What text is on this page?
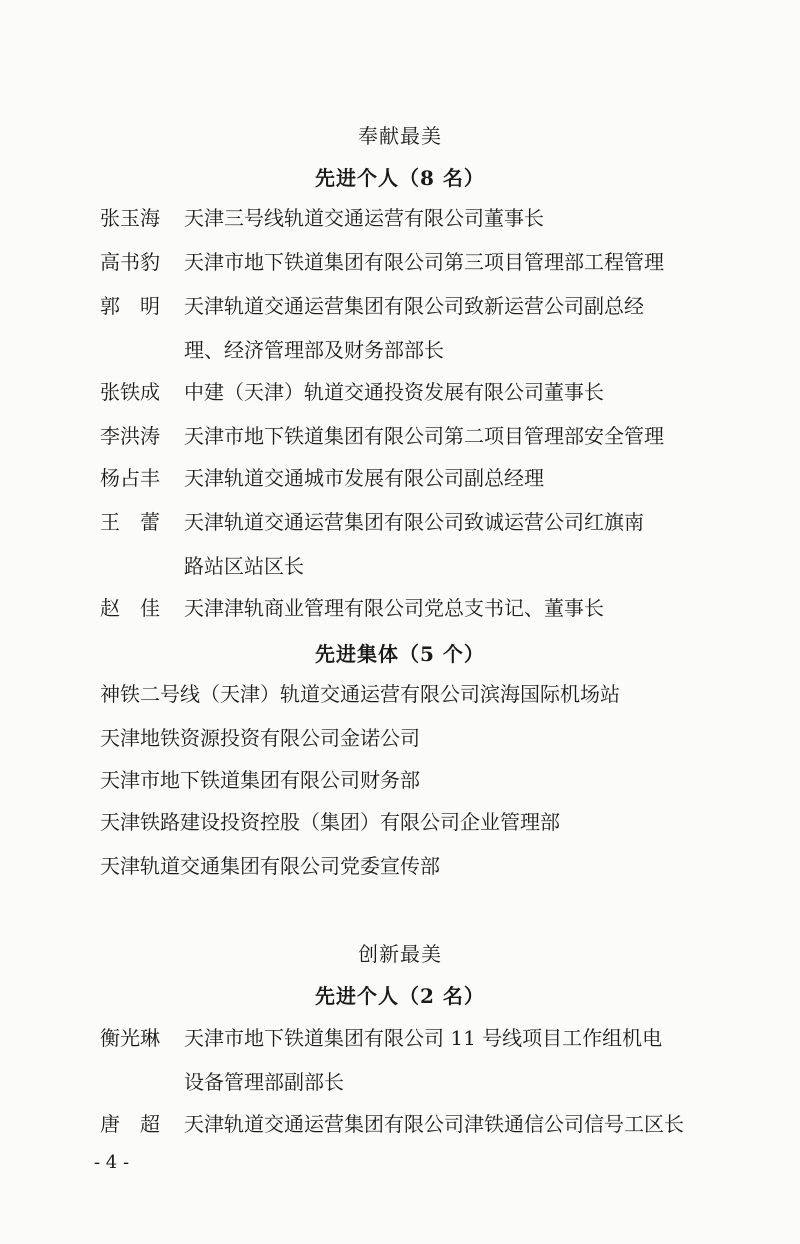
奉献最美
先进个人（8 名）
张玉海	天津三号线轨道交通运营有限公司董事长
高书豹	天津市地下铁道集团有限公司第三项目管理部工程管理
郭　明	天津轨道交通运营集团有限公司致新运营公司副总经
理、经济管理部及财务部部长
张铁成	中建（天津）轨道交通投资发展有限公司董事长
李洪涛	天津市地下铁道集团有限公司第二项目管理部安全管理
杨占丰	天津轨道交通城市发展有限公司副总经理
王　蕾	天津轨道交通运营集团有限公司致诚运营公司红旗南
路站区站区长
赵　佳	天津津轨商业管理有限公司党总支书记、董事长
先进集体（5 个）
神铁二号线（天津）轨道交通运营有限公司滨海国际机场站
天津地铁资源投资有限公司金诺公司
天津市地下铁道集团有限公司财务部
天津铁路建设投资控股（集团）有限公司企业管理部
天津轨道交通集团有限公司党委宣传部
创新最美
先进个人（2 名）
衡光琳	天津市地下铁道集团有限公司 11 号线项目工作组机电
设备管理部副部长
唐　超	天津轨道交通运营集团有限公司津铁通信公司信号工区长
- 4 -
